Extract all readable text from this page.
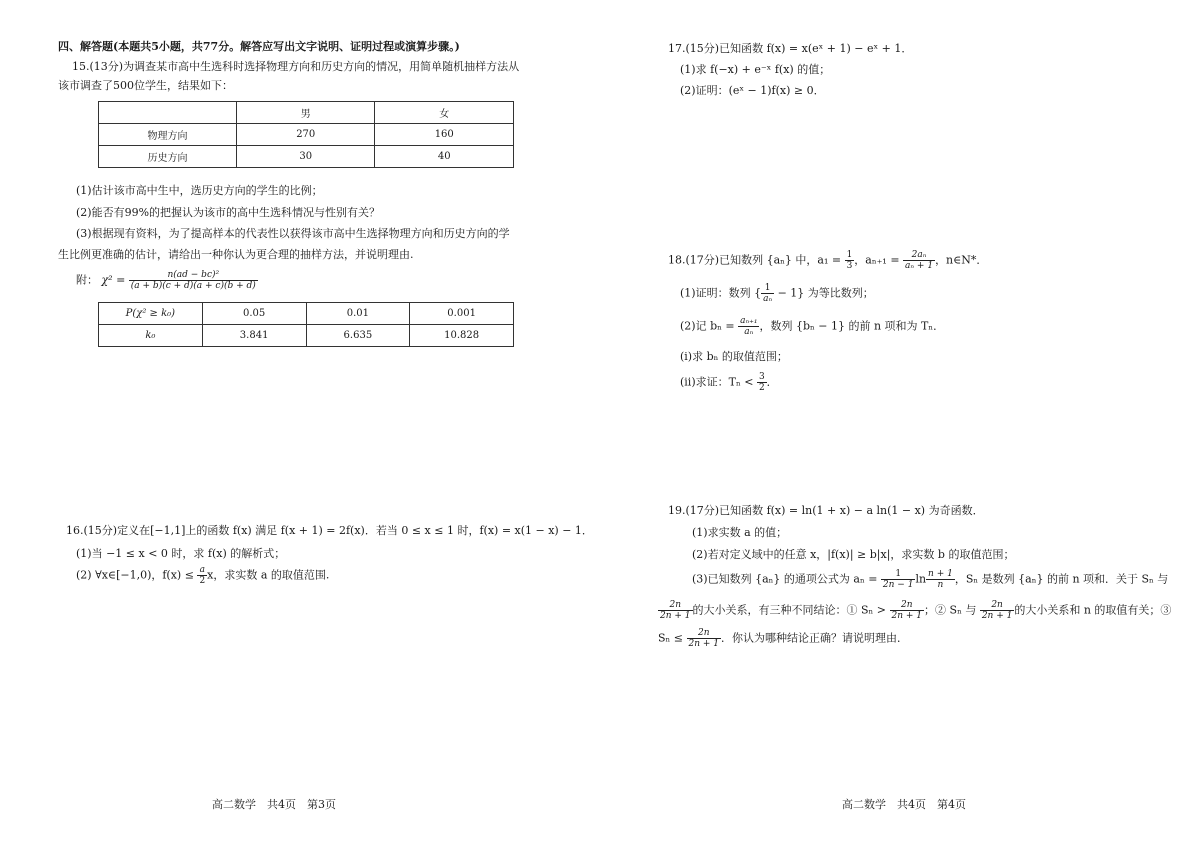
四、解答题(本题共5小题，共77分。解答应写出文字说明、证明过程或演算步骤。)
15.(13分)为调查某市高中生选科时选择物理方向和历史方向的情况，用简单随机抽样方法从
该市调查了500位学生，结果如下：
	男	女
物理方向	270	160
历史方向	30	40
(1)估计该市高中生中，选历史方向的学生的比例；
(2)能否有99%的把握认为该市的高中生选科情况与性别有关？
(3)根据现有资料，为了提高样本的代表性以获得该市高中生选择物理方向和历史方向的学
生比例更准确的估计，请给出一种你认为更合理的抽样方法，并说明理由.
附： $\chi^2 = \frac{\text{n(ad − bc)²}}{(a + b)(c + d)(a + c)(b + d)}$
P(χ² ≥ k₀)	0.05	0.01	0.001
k₀	3.841	6.635	10.828
16.(15分)定义在[−1,1]上的函数 f(x) 满足 f(x + 1) = 2f(x)．若当 0 ≤ x ≤ 1 时，f(x) = x(1 − x) − 1．
(1)当 −1 ≤ x < 0 时，求 f(x) 的解析式；
(2) ∀x∈[−1,0)，$f(x) \le \frac{a}{2}$ x，求实数 a 的取值范围.
17.(15分)已知函数 f(x) = x(eˣ + 1) − eˣ + 1．
(1)求 f(−x) + e⁻ˣ f(x) 的值；
(2)证明：(eˣ − 1)f(x) ≥ 0．
18.(17分)已知数列 {aₙ} 中，$a_1 = \frac{1}{3}$ ，$a_{n+1} = \frac{\text{2aₙ}}{\text{aₙ + 1}}$ ，n∈N*．
(1)证明：数列 { $\frac{1}{\text{aₙ}} - 1$} 为等比数列；
(2)记 $b_n = \frac{\text{aₙ₊₁}}{\text{aₙ}}$ ，数列 {bₙ − 1} 的前 n 项和为 Tₙ．
(i)求 bₙ 的取值范围；
(ii)求证：$T_n < \frac{3}{2}$ ．
19.(17分)已知函数 f(x) = ln(1 + x) − a ln(1 − x) 为奇函数．
(1)求实数 a 的值；
(2)若对定义域中的任意 x，|f(x)| ≥ b|x|，求实数 b 的取值范围；
(3)已知数列 {aₙ} 的通项公式为 $a_n = \frac{1}{2n - 1}$ $\ln \frac{n + 1}{n}$ ，Sₙ 是数列 {aₙ} 的前 n 项和．关于 Sₙ 与
$\frac{2n}{2n + 1}$ 的大小关系，有三种不同结论：① $S_n > \frac{2n}{2n + 1}$ ；② Sₙ 与 $\frac{2n}{2n + 1}$ 的大小关系和 n 的取值有关；③
$S_n \le \frac{2n}{2n + 1}$ ．你认为哪种结论正确？请说明理由．
高二数学　共4页　第3页	高二数学　共4页　第4页
